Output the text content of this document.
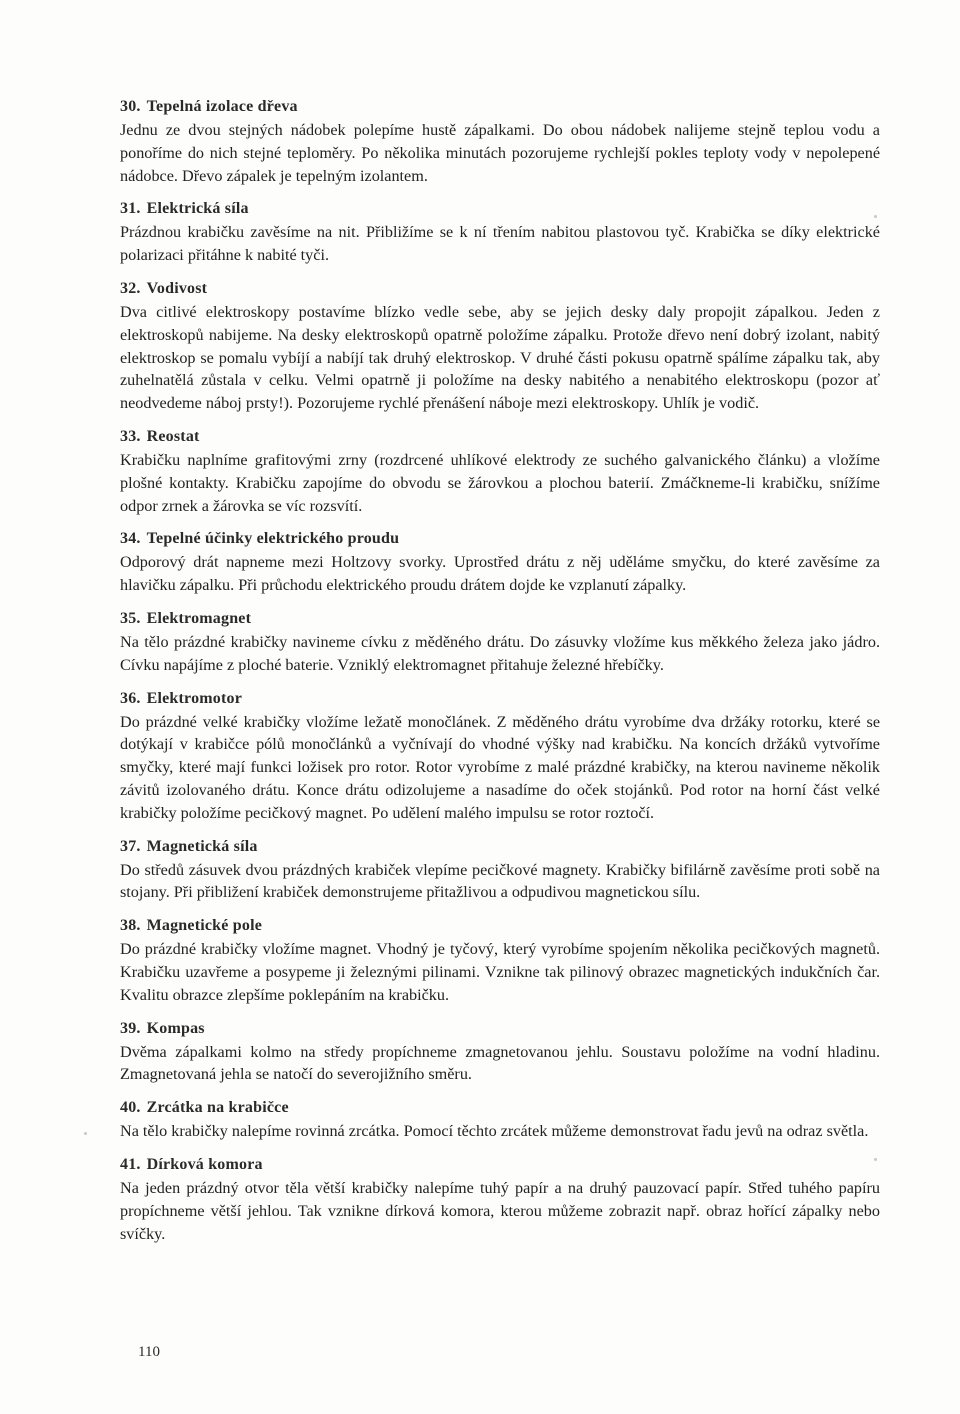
30. Tepelná izolace dřeva

Jednu ze dvou stejných nádobek polepíme hustě zápalkami. Do obou nádobek nalijeme stejně teplou vodu a ponoříme do nich stejné teploměry. Po několika minutách pozorujeme rychlejší pokles teploty vody v nepolepené nádobce. Dřevo zápalek je tepelným izolantem.

31. Elektrická síla

Prázdnou krabičku zavěsíme na nit. Přibližíme se k ní třením nabitou plastovou tyč. Krabička se díky elektrické polarizaci přitáhne k nabité tyči.

32. Vodivost

Dva citlivé elektroskopy postavíme blízko vedle sebe, aby se jejich desky daly propojit zápalkou. Jeden z elektroskopů nabijeme. Na desky elektroskopů opatrně položíme zápalku. Protože dřevo není dobrý izolant, nabitý elektroskop se pomalu vybíjí a nabíjí tak druhý elektroskop. V druhé části pokusu opatrně spálíme zápalku tak, aby zuhelnatělá zůstala v celku. Velmi opatrně ji položíme na desky nabitého a nenabitého elektroskopu (pozor ať neodvedeme náboj prsty!). Pozorujeme rychlé přenášení náboje mezi elektroskopy. Uhlík je vodič.

33. Reostat

Krabičku naplníme grafitovými zrny (rozdrcené uhlíkové elektrody ze suchého galvanického článku) a vložíme plošné kontakty. Krabičku zapojíme do obvodu se žárovkou a plochou baterií. Zmáčkneme-li krabičku, snížíme odpor zrnek a žárovka se víc rozsvítí.

34. Tepelné účinky elektrického proudu

Odporový drát napneme mezi Holtzovy svorky. Uprostřed drátu z něj uděláme smyčku, do které zavěsíme za hlavičku zápalku. Při průchodu elektrického proudu drátem dojde ke vzplanutí zápalky.

35. Elektromagnet

Na tělo prázdné krabičky navineme cívku z měděného drátu. Do zásuvky vložíme kus měkkého železa jako jádro. Cívku napájíme z ploché baterie. Vzniklý elektromagnet přitahuje železné hřebíčky.

36. Elektromotor

Do prázdné velké krabičky vložíme ležatě monočlánek. Z měděného drátu vyrobíme dva držáky rotorku, které se dotýkají v krabičce pólů monočlánků a vyčnívají do vhodné výšky nad krabičku. Na koncích držáků vytvoříme smyčky, které mají funkci ložisek pro rotor. Rotor vyrobíme z malé prázdné krabičky, na kterou navineme několik závitů izolovaného drátu. Konce drátu odizolujeme a nasadíme do oček stojánků. Pod rotor na horní část velké krabičky položíme pecičkový magnet. Po udělení malého impulsu se rotor roztočí.

37. Magnetická síla

Do středů zásuvek dvou prázdných krabiček vlepíme pecičkové magnety. Krabičky bifilárně zavěsíme proti sobě na stojany. Při přibližení krabiček demonstrujeme přitažlivou a odpudivou magnetickou sílu.

38. Magnetické pole

Do prázdné krabičky vložíme magnet. Vhodný je tyčový, který vyrobíme spojením několika pecičkových magnetů. Krabičku uzavřeme a posypeme ji železnými pilinami. Vznikne tak pilinový obrazec magnetických indukčních čar. Kvalitu obrazce zlepšíme poklepáním na krabičku.

39. Kompas

Dvěma zápalkami kolmo na středy propíchneme zmagnetovanou jehlu. Soustavu položíme na vodní hladinu. Zmagnetovaná jehla se natočí do severojižního směru.

40. Zrcátka na krabičce

Na tělo krabičky nalepíme rovinná zrcátka. Pomocí těchto zrcátek můžeme demonstrovat řadu jevů na odraz světla.

41. Dírková komora

Na jeden prázdný otvor těla větší krabičky nalepíme tuhý papír a na druhý pauzovací papír. Střed tuhého papíru propíchneme větší jehlou. Tak vznikne dírková komora, kterou můžeme zobrazit např. obraz hořící zápalky nebo svíčky.

110
